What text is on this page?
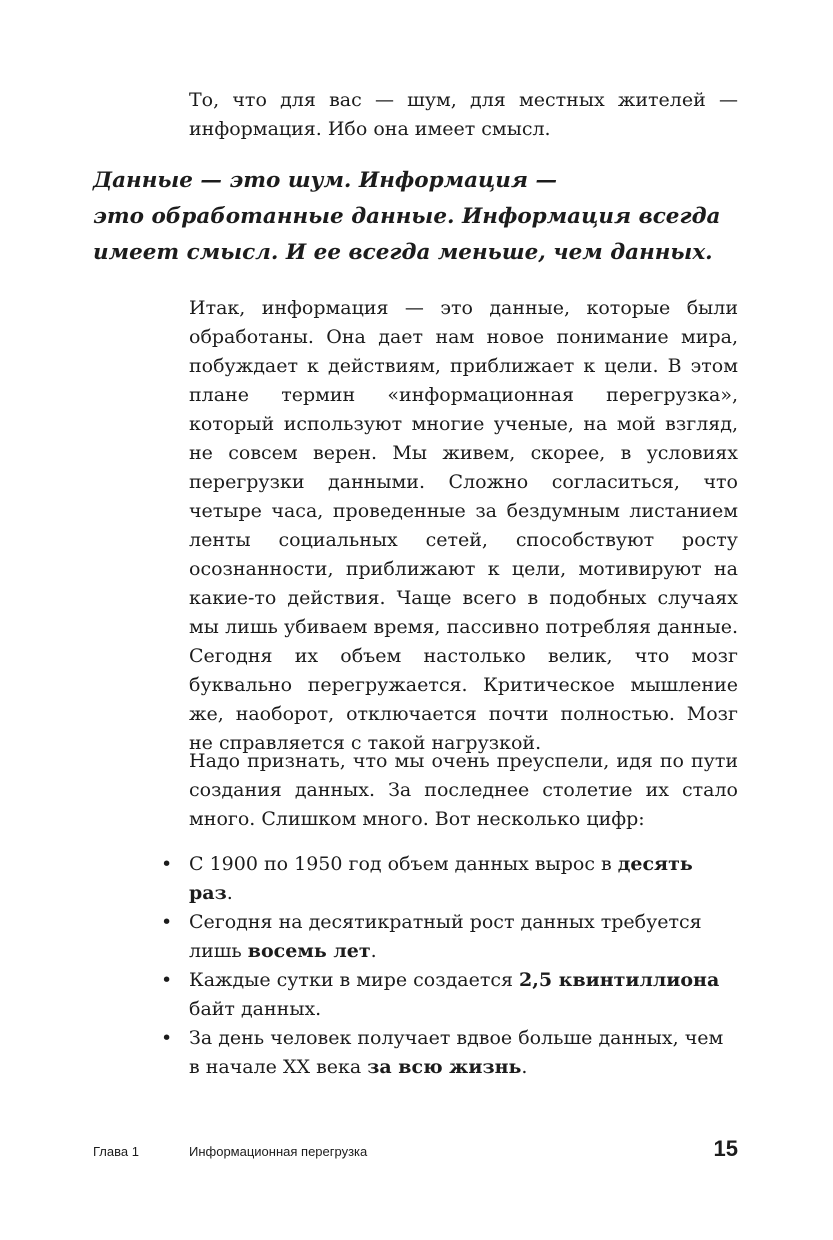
То, что для вас — шум, для местных жителей — информация. Ибо она имеет смысл.

Данные — это шум. Информация —
это обработанные данные. Информация всегда
имеет смысл. И ее всегда меньше, чем данных.

Итак, информация — это данные, которые были обработаны. Она дает нам новое понимание мира, побуждает к действиям, приближает к цели. В этом плане термин «информационная перегрузка», который используют многие ученые, на мой взгляд, не совсем верен. Мы живем, скорее, в условиях перегрузки данными. Сложно согласиться, что четыре часа, проведенные за бездумным листанием ленты социальных сетей, способствуют росту осознанности, приближают к цели, мотивируют на какие-то действия. Чаще всего в подобных случаях мы лишь убиваем время, пассивно потребляя данные. Сегодня их объем настолько велик, что мозг буквально перегружается. Критическое мышление же, наоборот, отключается почти полностью. Мозг не справляется с такой нагрузкой.

Надо признать, что мы очень преуспели, идя по пути создания данных. За последнее столетие их стало много. Слишком много. Вот несколько цифр:

• С 1900 по 1950 год объем данных вырос в десять раз.
• Сегодня на десятикратный рост данных требуется лишь восемь лет.
• Каждые сутки в мире создается 2,5 квинтиллиона байт данных.
• За день человек получает вдвое больше данных, чем в начале XX века за всю жизнь.
Глава 1	Информационная перегрузка	15
